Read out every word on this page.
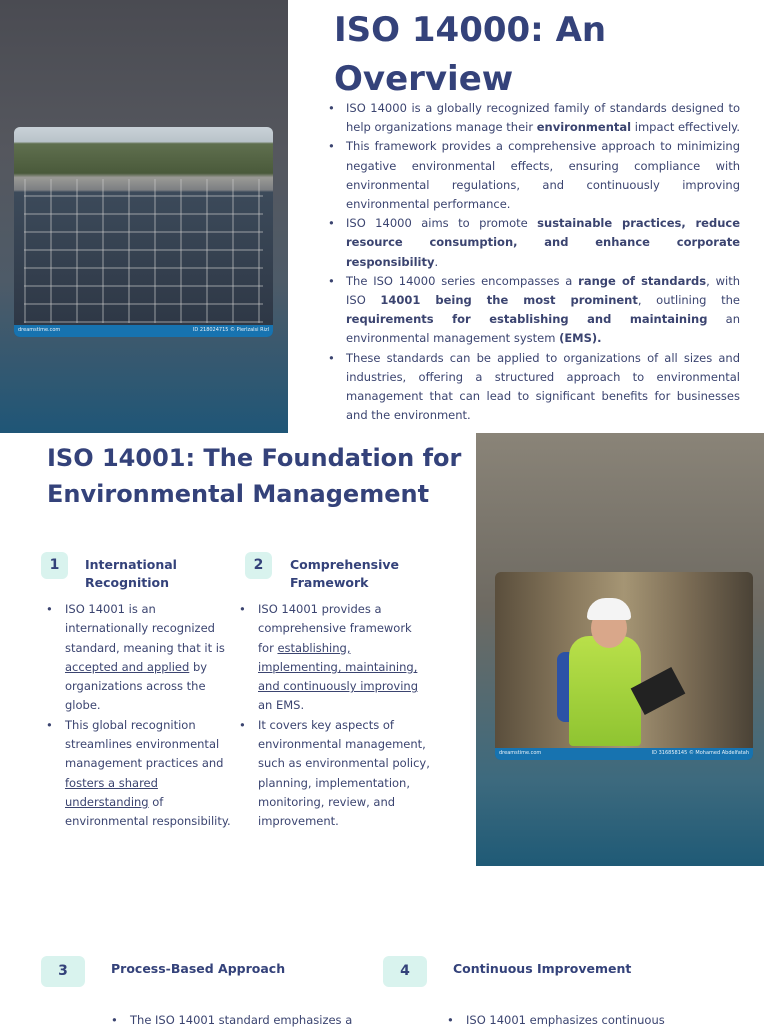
dreamstime.com	ID 218024715 © Pierlzalsi Rizl
ISO 14000: An Overview
• ISO 14000 is a globally recognized family of standards designed to help organizations manage their environmental impact effectively.
• This framework provides a comprehensive approach to minimizing negative environmental effects, ensuring compliance with environmental regulations, and continuously improving environmental performance.
• ISO 14000 aims to promote sustainable practices, reduce resource consumption, and enhance corporate responsibility.
• The ISO 14000 series encompasses a range of standards, with ISO 14001 being the most prominent, outlining the requirements for establishing and maintaining an environmental management system (EMS).
• These standards can be applied to organizations of all sizes and industries, offering a structured approach to environmental management that can lead to significant benefits for businesses and the environment.
ISO 14001: The Foundation for Environmental Management
dreamstime.com	ID 316858145 © Mohamed Abdelfatah
1	International Recognition
• ISO 14001 is an internationally recognized standard, meaning that it is accepted and applied by organizations across the globe.
• This global recognition streamlines environmental management practices and fosters a shared understanding of environmental responsibility.
2	Comprehensive Framework
• ISO 14001 provides a comprehensive framework for establishing, implementing, maintaining, and continuously improving an EMS.
• It covers key aspects of environmental management, such as environmental policy, planning, implementation, monitoring, review, and improvement.
3	Process-Based Approach
• The ISO 14001 standard emphasizes a
4	Continuous Improvement
• ISO 14001 emphasizes continuous
